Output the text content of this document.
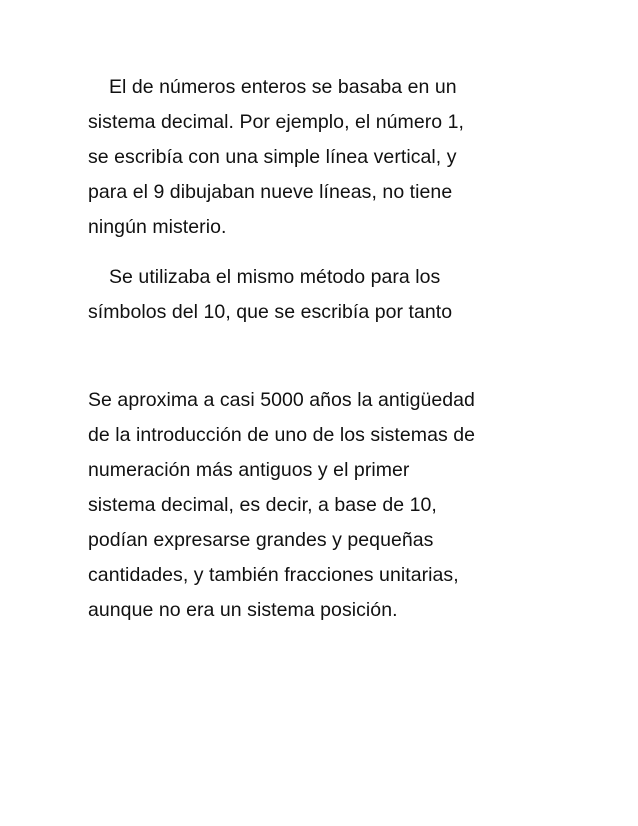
El de números enteros se basaba en un
sistema decimal. Por ejemplo, el número 1,
se escribía con una simple línea vertical, y
para el 9 dibujaban nueve líneas, no tiene
ningún misterio.
Se utilizaba el mismo método para los
símbolos del 10, que se escribía por tanto
Se aproxima a casi 5000 años la antigüedad
de la introducción de uno de los sistemas de
numeración más antiguos y el primer
sistema decimal, es decir, a base de 10,
podían expresarse grandes y pequeñas
cantidades, y también fracciones unitarias,
aunque no era un sistema posición.
